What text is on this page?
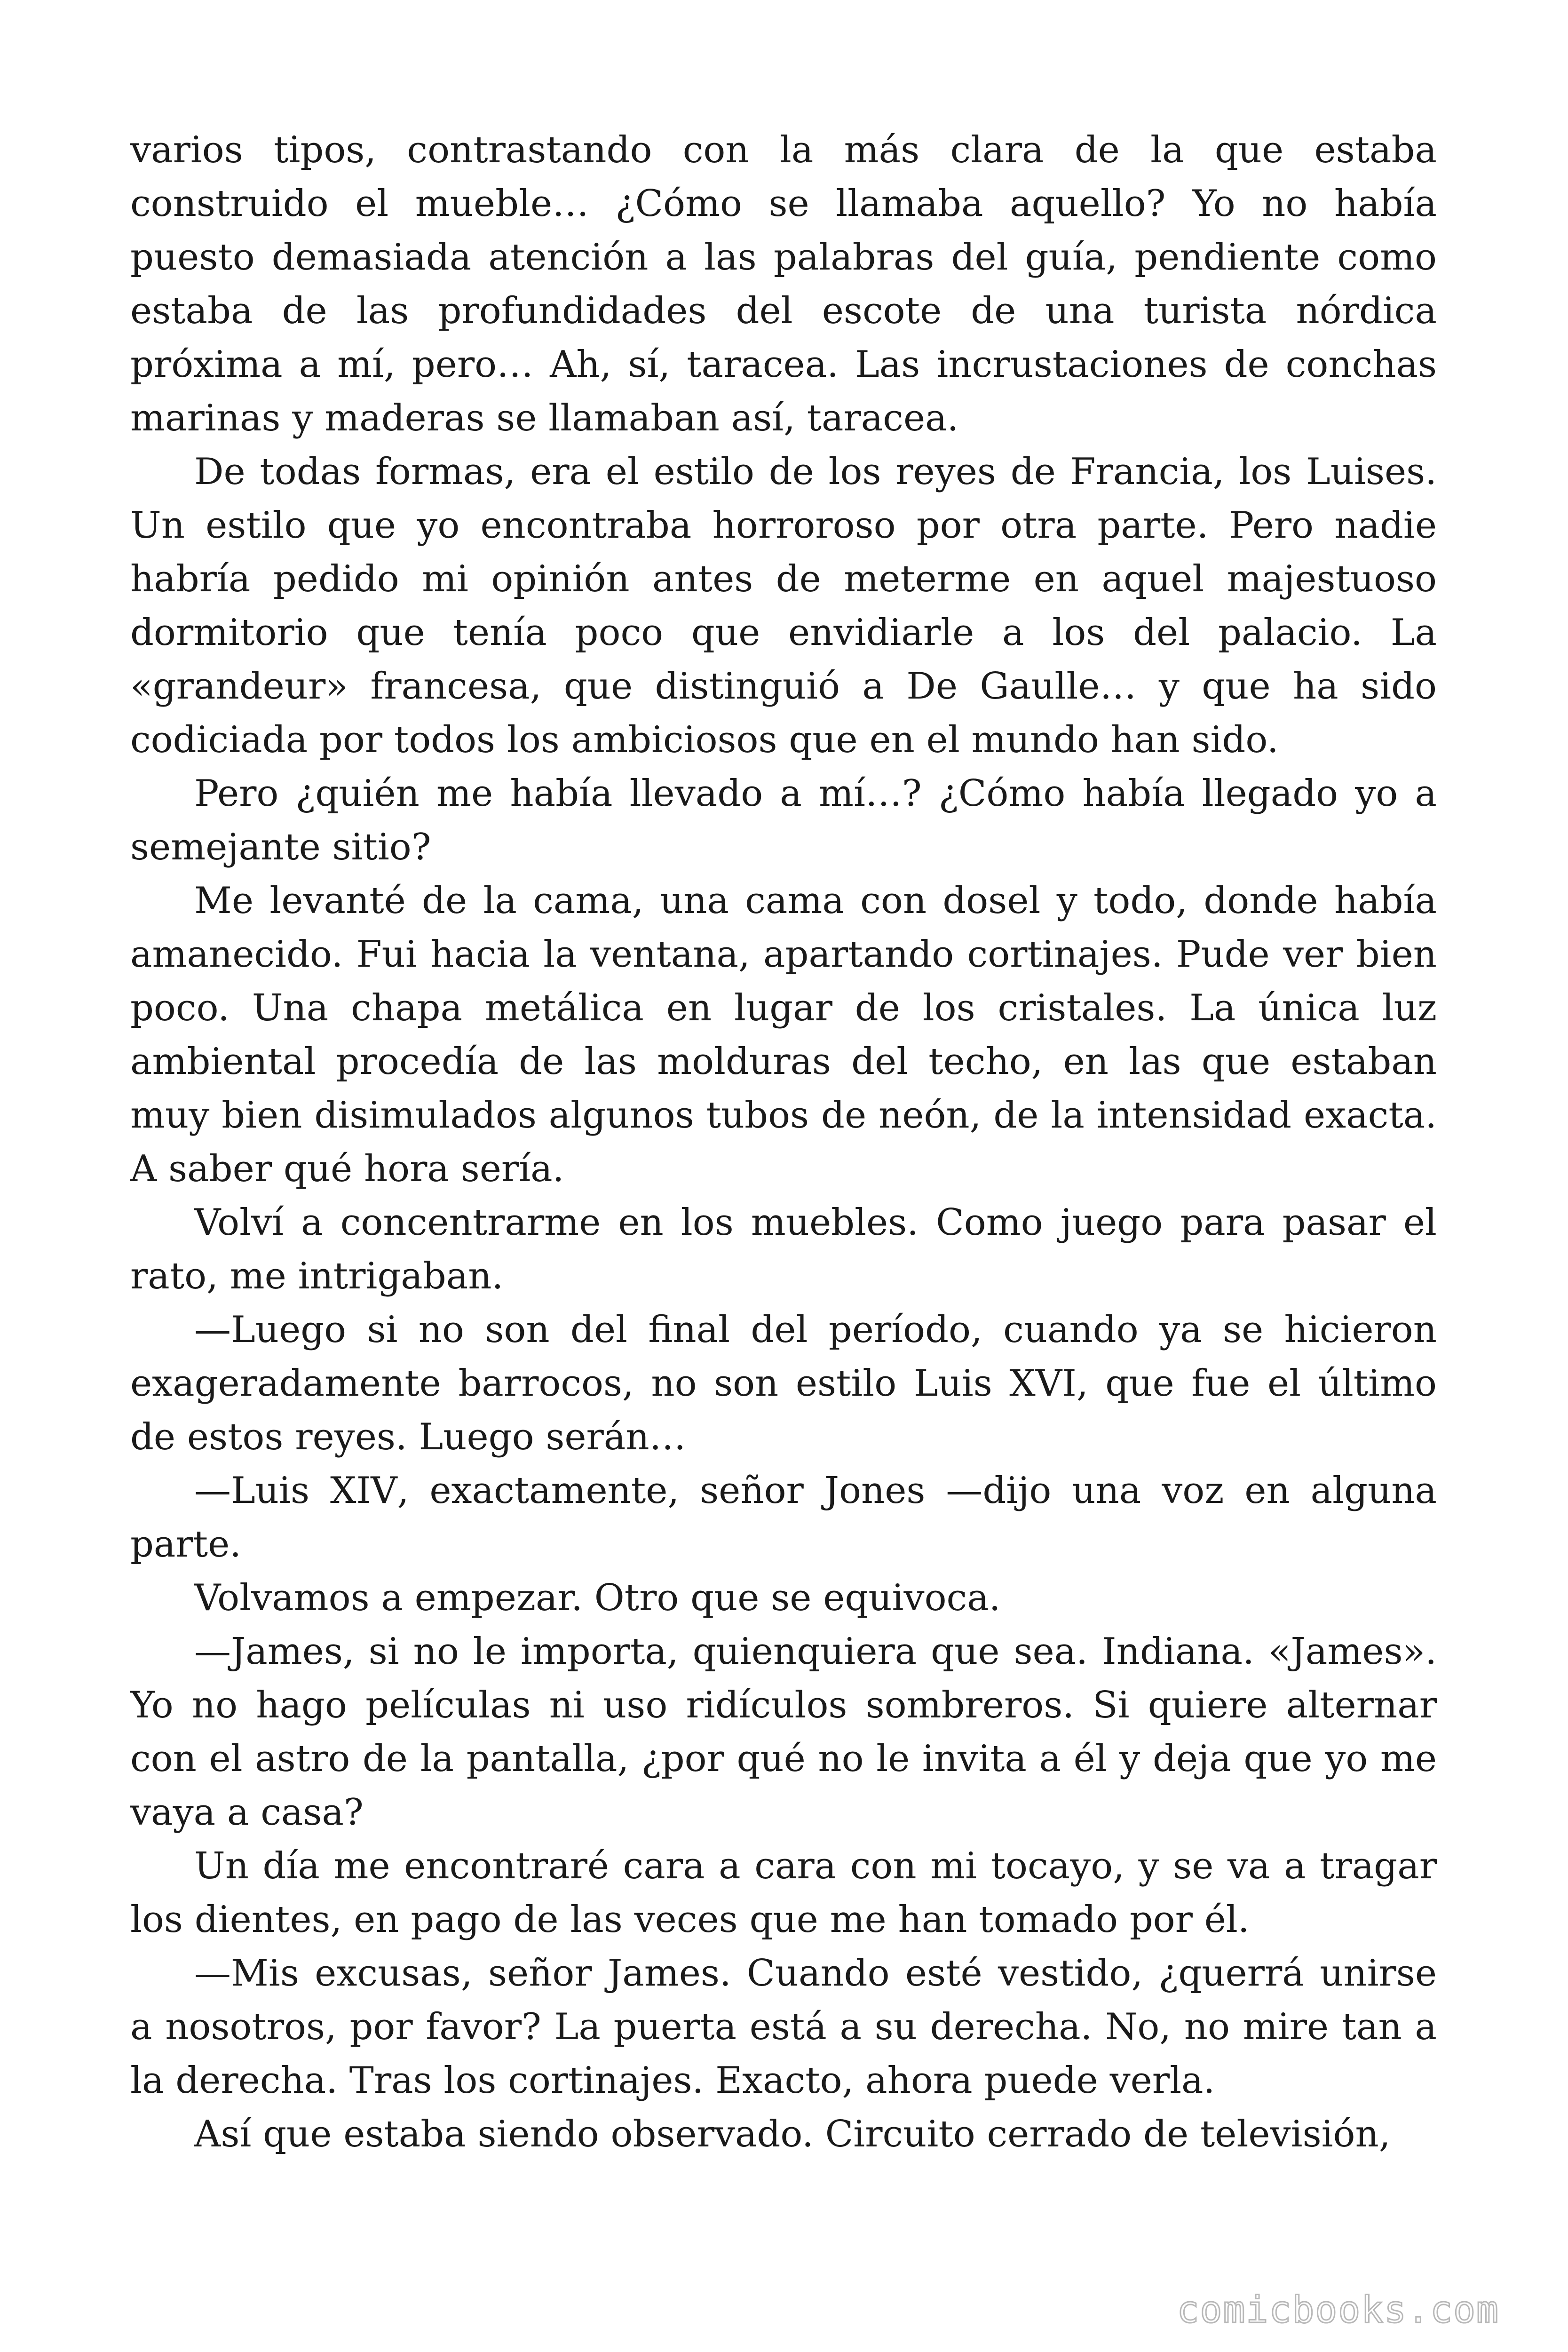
varios tipos, contrastando con la más clara de la que estaba construido el mueble… ¿Cómo se llamaba aquello? Yo no había puesto demasiada atención a las palabras del guía, pendiente como estaba de las profundidades del escote de una turista nórdica próxima a mí, pero… Ah, sí, taracea. Las incrustaciones de conchas marinas y maderas se llamaban así, taracea.

De todas formas, era el estilo de los reyes de Francia, los Luises. Un estilo que yo encontraba horroroso por otra parte. Pero nadie habría pedido mi opinión antes de meterme en aquel majestuoso dormitorio que tenía poco que envidiarle a los del palacio. La «grandeur» francesa, que distinguió a De Gaulle… y que ha sido codiciada por todos los ambiciosos que en el mundo han sido.

Pero ¿quién me había llevado a mí…? ¿Cómo había llegado yo a semejante sitio?

Me levanté de la cama, una cama con dosel y todo, donde había amanecido. Fui hacia la ventana, apartando cortinajes. Pude ver bien poco. Una chapa metálica en lugar de los cristales. La única luz ambiental procedía de las molduras del techo, en las que estaban muy bien disimulados algunos tubos de neón, de la intensidad exacta. A saber qué hora sería.

Volví a concentrarme en los muebles. Como juego para pasar el rato, me intrigaban.

—Luego si no son del final del período, cuando ya se hicieron exageradamente barrocos, no son estilo Luis XVI, que fue el último de estos reyes. Luego serán…

—Luis XIV, exactamente, señor Jones —dijo una voz en alguna parte.

Volvamos a empezar. Otro que se equivoca.

—James, si no le importa, quienquiera que sea. Indiana. «James». Yo no hago películas ni uso ridículos sombreros. Si quiere alternar con el astro de la pantalla, ¿por qué no le invita a él y deja que yo me vaya a casa?

Un día me encontraré cara a cara con mi tocayo, y se va a tragar los dientes, en pago de las veces que me han tomado por él.

—Mis excusas, señor James. Cuando esté vestido, ¿querrá unirse a nosotros, por favor? La puerta está a su derecha. No, no mire tan a la derecha. Tras los cortinajes. Exacto, ahora puede verla.

Así que estaba siendo observado. Circuito cerrado de televisión,

comicbooks.com
